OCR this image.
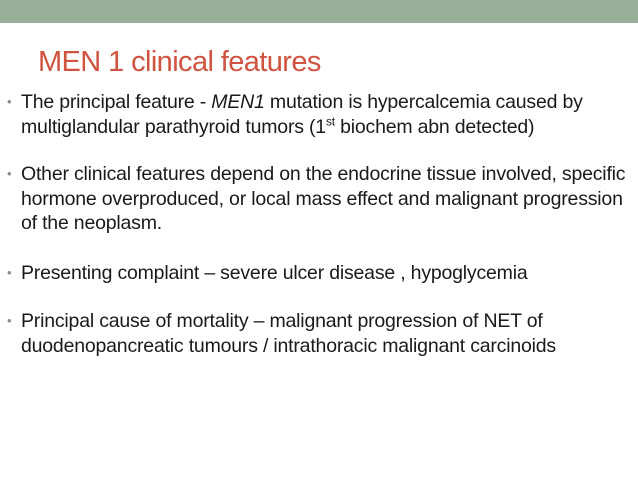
MEN 1 clinical features
• The principal feature - MEN1 mutation is hypercalcemia caused by multiglandular parathyroid tumors (1st biochem abn detected)
• Other clinical features depend on the endocrine tissue involved, specific hormone overproduced, or local mass effect and malignant progression of the neoplasm.
• Presenting complaint – severe ulcer disease , hypoglycemia
• Principal cause of mortality – malignant progression of NET of duodenopancreatic tumours / intrathoracic malignant carcinoids
